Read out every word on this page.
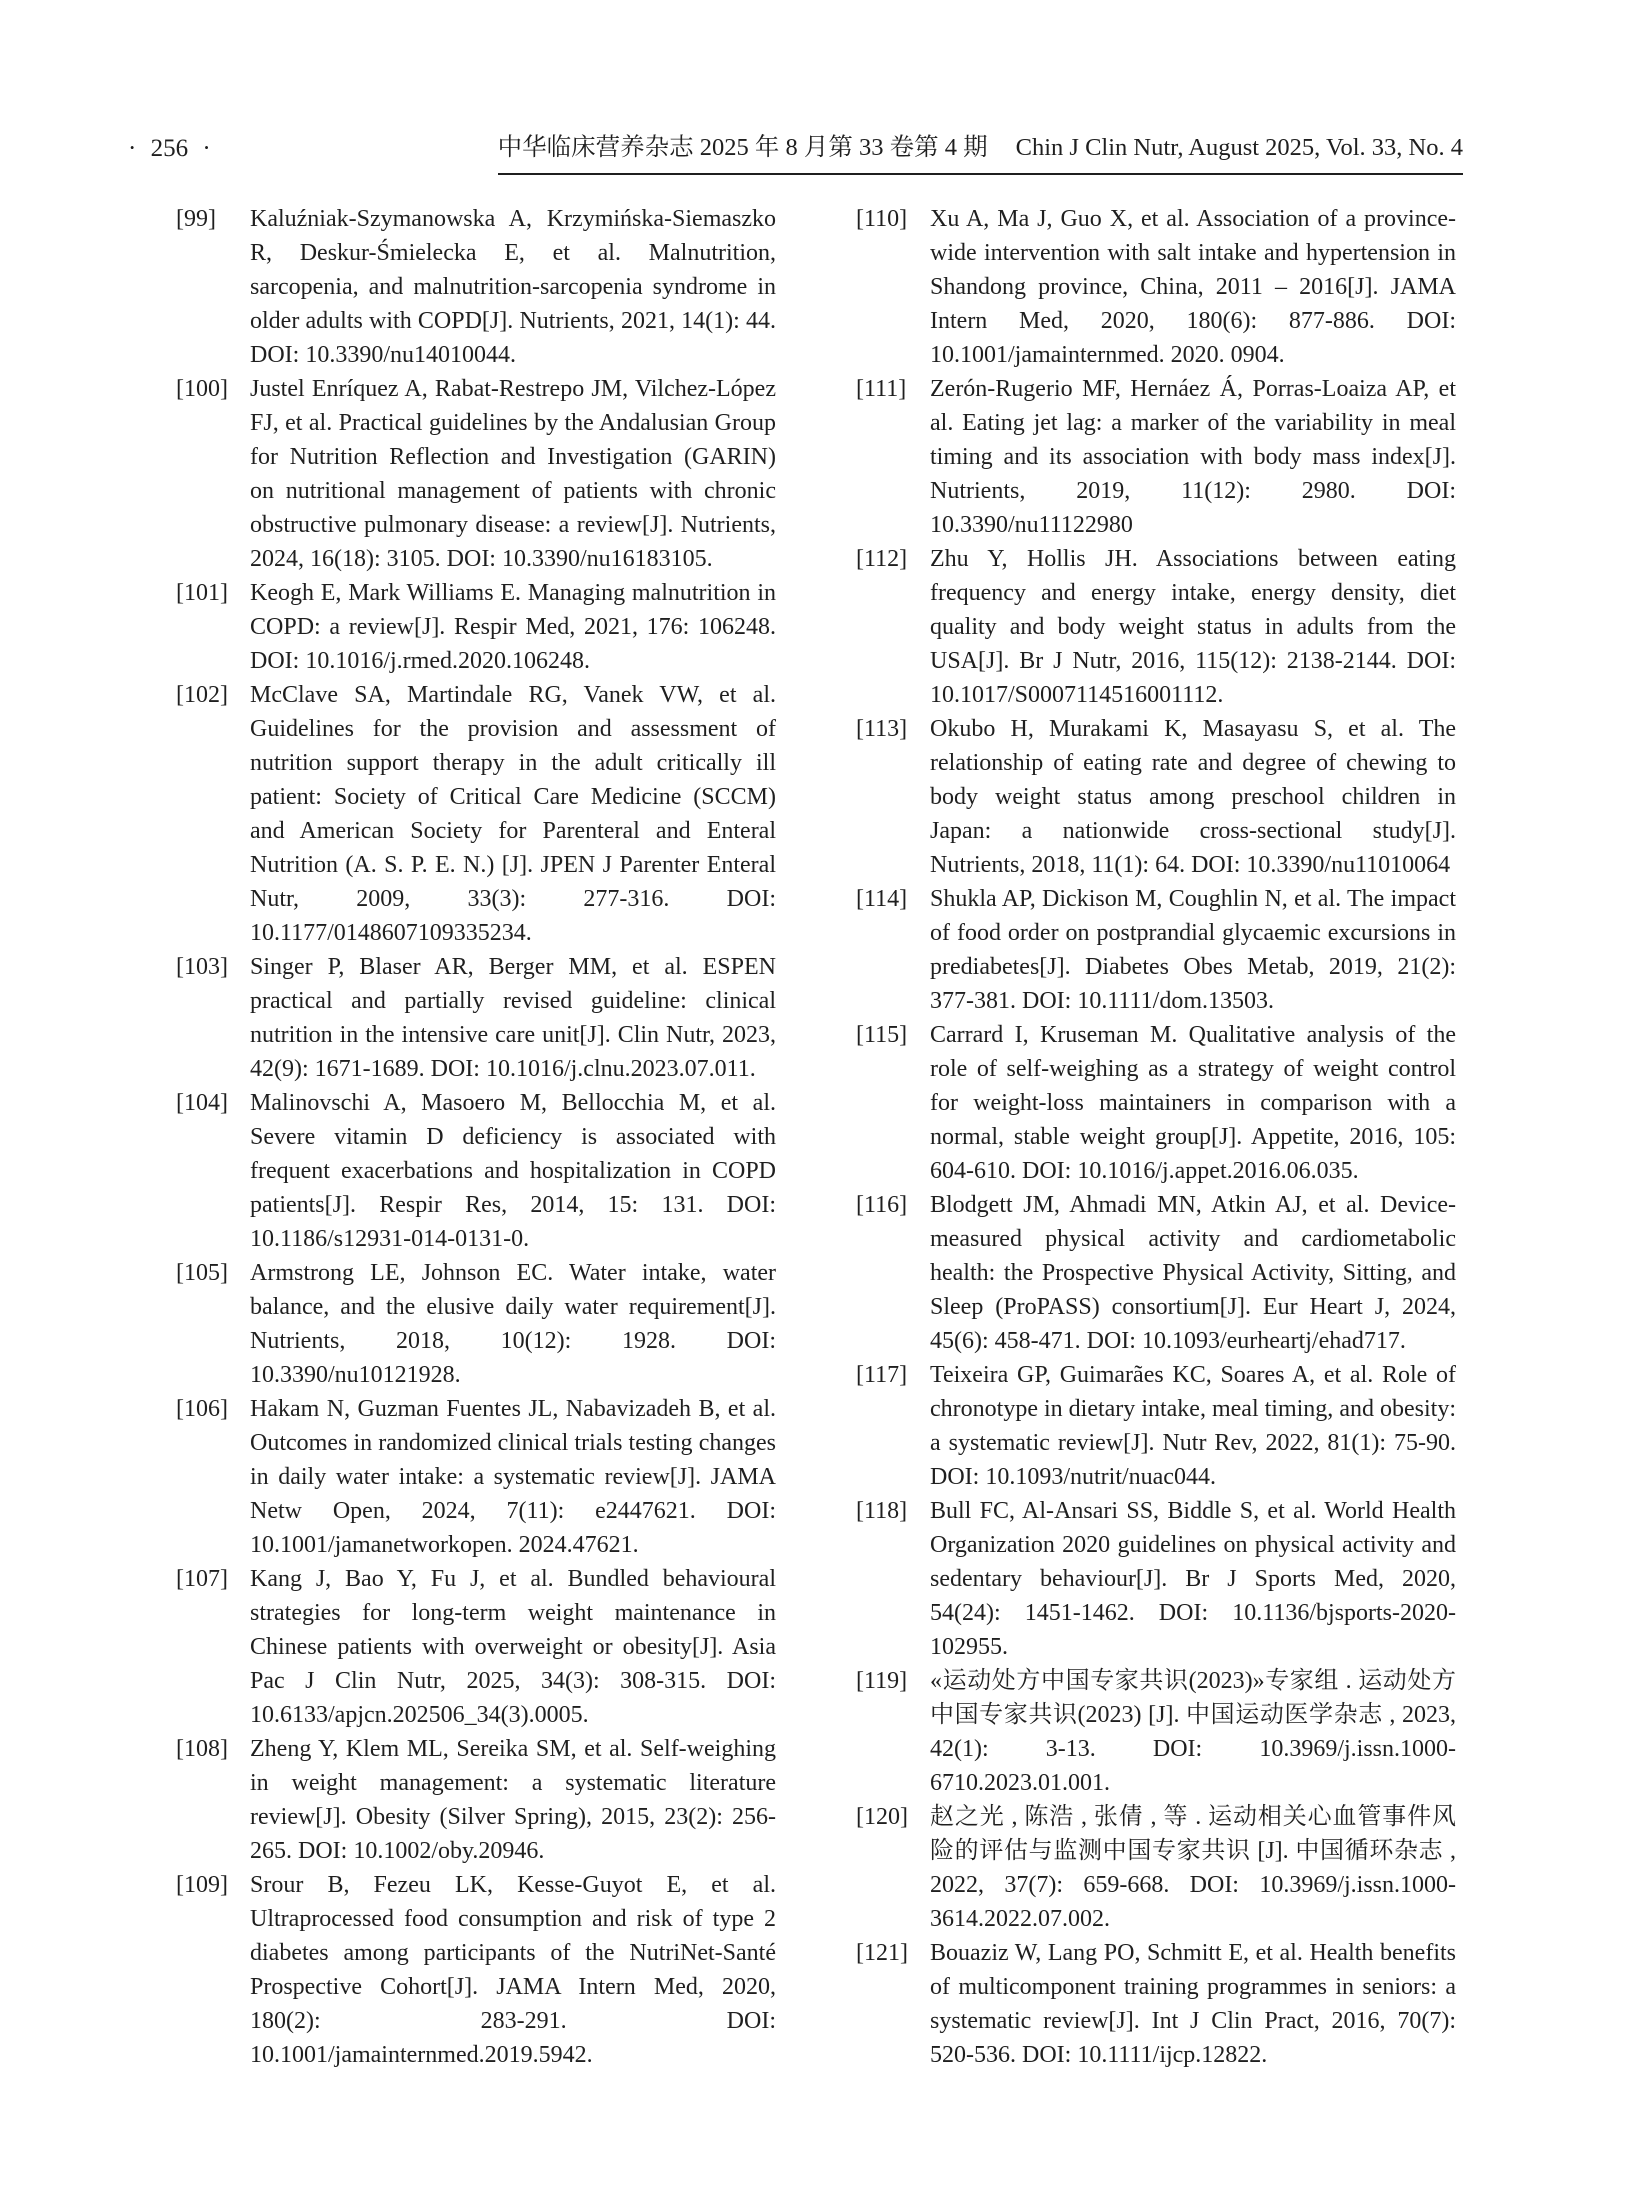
· 256 ·	中华临床营养杂志 2025 年 8 月第 33 卷第 4 期 Chin J Clin Nutr, August 2025, Vol. 33, No. 4
[99]	Kaluźniak-Szymanowska A, Krzymińska-Siemaszko R, Deskur-Śmielecka E, et al. Malnutrition, sarcopenia, and malnutrition-sarcopenia syndrome in older adults with COPD[J]. Nutrients, 2021, 14(1): 44. DOI: 10.3390/nu14010044.
[100] Justel Enríquez A, Rabat-Restrepo JM, Vilchez-López FJ, et al. Practical guidelines by the Andalusian Group for Nutrition Reflection and Investigation (GARIN) on nutritional management of patients with chronic obstructive pulmonary disease: a review[J]. Nutrients, 2024, 16(18): 3105. DOI: 10.3390/nu16183105.
[101] Keogh E, Mark Williams E. Managing malnutrition in COPD: a review[J]. Respir Med, 2021, 176: 106248. DOI: 10.1016/j.rmed.2020.106248.
[102] McClave SA, Martindale RG, Vanek VW, et al. Guidelines for the provision and assessment of nutrition support therapy in the adult critically ill patient: Society of Critical Care Medicine (SCCM) and American Society for Parenteral and Enteral Nutrition (A. S. P. E. N.) [J]. JPEN J Parenter Enteral Nutr, 2009, 33(3): 277-316. DOI: 10.1177/0148607109335234.
[103] Singer P, Blaser AR, Berger MM, et al. ESPEN practical and partially revised guideline: clinical nutrition in the intensive care unit[J]. Clin Nutr, 2023, 42(9): 1671-1689. DOI: 10.1016/j.clnu.2023.07.011.
[104] Malinovschi A, Masoero M, Bellocchia M, et al. Severe vitamin D deficiency is associated with frequent exacerbations and hospitalization in COPD patients[J]. Respir Res, 2014, 15: 131. DOI: 10.1186/s12931-014-0131-0.
[105] Armstrong LE, Johnson EC. Water intake, water balance, and the elusive daily water requirement[J]. Nutrients, 2018, 10(12): 1928. DOI: 10.3390/nu10121928.
[106] Hakam N, Guzman Fuentes JL, Nabavizadeh B, et al. Outcomes in randomized clinical trials testing changes in daily water intake: a systematic review[J]. JAMA Netw Open, 2024, 7(11): e2447621. DOI: 10.1001/jamanetworkopen. 2024.47621.
[107] Kang J, Bao Y, Fu J, et al. Bundled behavioural strategies for long-term weight maintenance in Chinese patients with overweight or obesity[J]. Asia Pac J Clin Nutr, 2025, 34(3): 308-315. DOI: 10.6133/apjcn.202506_34(3).0005.
[108] Zheng Y, Klem ML, Sereika SM, et al. Self-weighing in weight management: a systematic literature review[J]. Obesity (Silver Spring), 2015, 23(2): 256-265. DOI: 10.1002/oby.20946.
[109] Srour B, Fezeu LK, Kesse-Guyot E, et al. Ultraprocessed food consumption and risk of type 2 diabetes among participants of the NutriNet-Santé Prospective Cohort[J]. JAMA Intern Med, 2020, 180(2): 283-291. DOI: 10.1001/jamainternmed.2019.5942.
[110] Xu A, Ma J, Guo X, et al. Association of a province-wide intervention with salt intake and hypertension in Shandong province, China, 2011 – 2016[J]. JAMA Intern Med, 2020, 180(6): 877-886. DOI: 10.1001/jamainternmed. 2020. 0904.
[111] Zerón-Rugerio MF, Hernáez Á, Porras-Loaiza AP, et al. Eating jet lag: a marker of the variability in meal timing and its association with body mass index[J]. Nutrients, 2019, 11(12): 2980. DOI: 10.3390/nu11122980
[112] Zhu Y, Hollis JH. Associations between eating frequency and energy intake, energy density, diet quality and body weight status in adults from the USA[J]. Br J Nutr, 2016, 115(12): 2138-2144. DOI: 10.1017/S0007114516001112.
[113] Okubo H, Murakami K, Masayasu S, et al. The relationship of eating rate and degree of chewing to body weight status among preschool children in Japan: a nationwide cross-sectional study[J]. Nutrients, 2018, 11(1): 64. DOI: 10.3390/nu11010064
[114] Shukla AP, Dickison M, Coughlin N, et al. The impact of food order on postprandial glycaemic excursions in prediabetes[J]. Diabetes Obes Metab, 2019, 21(2): 377-381. DOI: 10.1111/dom.13503.
[115] Carrard I, Kruseman M. Qualitative analysis of the role of self-weighing as a strategy of weight control for weight-loss maintainers in comparison with a normal, stable weight group[J]. Appetite, 2016, 105: 604-610. DOI: 10.1016/j.appet.2016.06.035.
[116] Blodgett JM, Ahmadi MN, Atkin AJ, et al. Device-measured physical activity and cardiometabolic health: the Prospective Physical Activity, Sitting, and Sleep (ProPASS) consortium[J]. Eur Heart J, 2024, 45(6): 458-471. DOI: 10.1093/eurheartj/ehad717.
[117] Teixeira GP, Guimarães KC, Soares A, et al. Role of chronotype in dietary intake, meal timing, and obesity: a systematic review[J]. Nutr Rev, 2022, 81(1): 75-90. DOI: 10.1093/nutrit/nuac044.
[118] Bull FC, Al-Ansari SS, Biddle S, et al. World Health Organization 2020 guidelines on physical activity and sedentary behaviour[J]. Br J Sports Med, 2020, 54(24): 1451-1462. DOI: 10.1136/bjsports-2020-102955.
[119] «运动处方中国专家共识(2023)»专家组 . 运动处方中国专家共识(2023) [J]. 中国运动医学杂志 , 2023, 42(1): 3-13. DOI: 10.3969/j.issn.1000-6710.2023.01.001.
[120] 赵之光 , 陈浩 , 张倩 , 等 . 运动相关心血管事件风险的评估与监测中国专家共识 [J]. 中国循环杂志 , 2022, 37(7): 659-668. DOI: 10.3969/j.issn.1000-3614.2022.07.002.
[121] Bouaziz W, Lang PO, Schmitt E, et al. Health benefits of multicomponent training programmes in seniors: a systematic review[J]. Int J Clin Pract, 2016, 70(7): 520-536. DOI: 10.1111/ijcp.12822.
